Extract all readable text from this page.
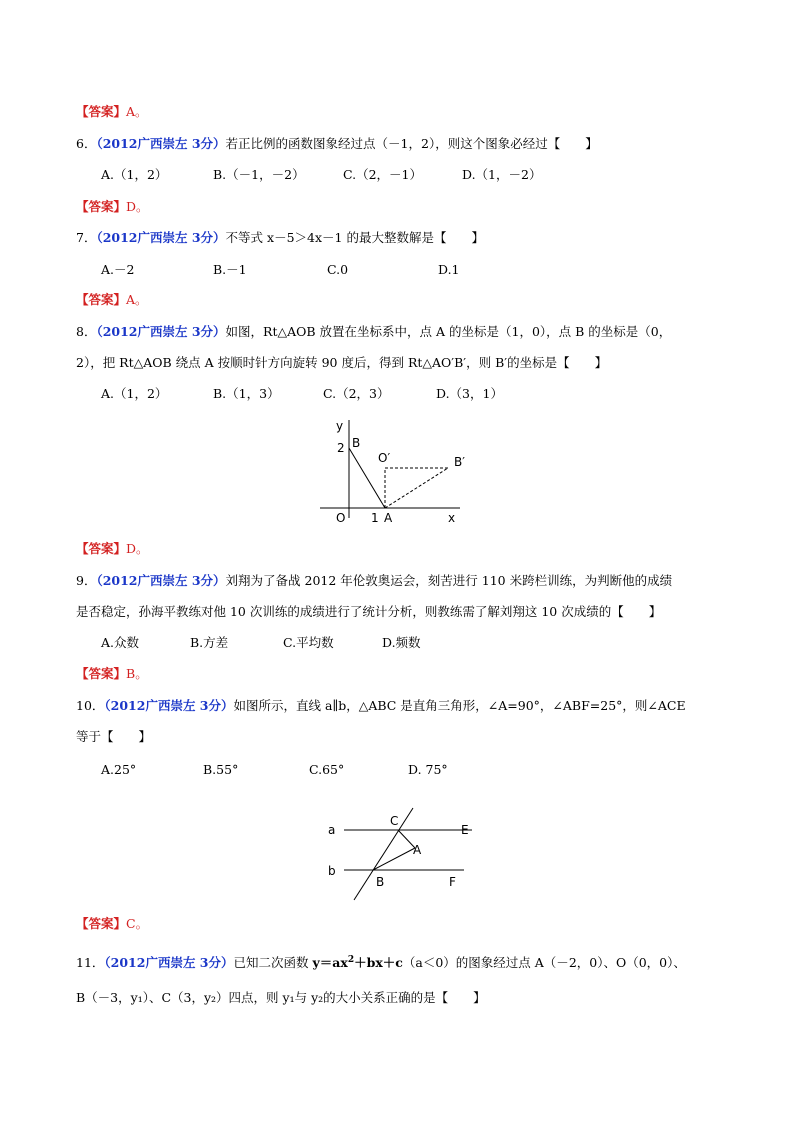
【答案】A。
6．（2012广西崇左 3分）若正比例的函数图象经过点（－1，2），则这个图象必经过【　　】
A.（1，2）	B.（－1，－2）	C.（2，－1）	D.（1，－2）
【答案】D。
7．（2012广西崇左 3分）不等式 x－5＞4x－1 的最大整数解是【　　】
A.－2	B.－1	C.0	D.1
【答案】A。
8．（2012广西崇左 3分）如图，Rt△AOB 放置在坐标系中，点 A 的坐标是（1，0），点 B 的坐标是（0，
2），把 Rt△AOB 绕点 A 按顺时针方向旋转 90 度后，得到 Rt△AO′B′，则 B′的坐标是【　　】
A.（1，2）	B.（1，3）	C.（2，3）	D.（3，1）
y
x
O
2
1 A
B
O′	B′
【答案】D。
9．（2012广西崇左 3分）刘翔为了备战 2012 年伦敦奥运会，刻苦进行 110 米跨栏训练，为判断他的成绩
是否稳定，孙海平教练对他 10 次训练的成绩进行了统计分析，则教练需了解刘翔这 10 次成绩的【　　】
A.众数	B.方差	C.平均数	D.频数
【答案】B。
10．（2012广西崇左 3分）如图所示，直线 a∥b，△ABC 是直角三角形，∠A=90°，∠ABF=25°，则∠ACE
等于【　　】
A.25°	B.55°	C.65°	D. 75°
a
b
C
E
A
B	F
【答案】C。
11．（2012广西崇左 3分）已知二次函数 $y=ax^2+bx+c(a<0)$的图象经过点 A（－2，0）、O（0，0）、
B（－3，y₁）、C（3，y₂）四点，则 y₁与 y₂的大小关系正确的是【　　】
